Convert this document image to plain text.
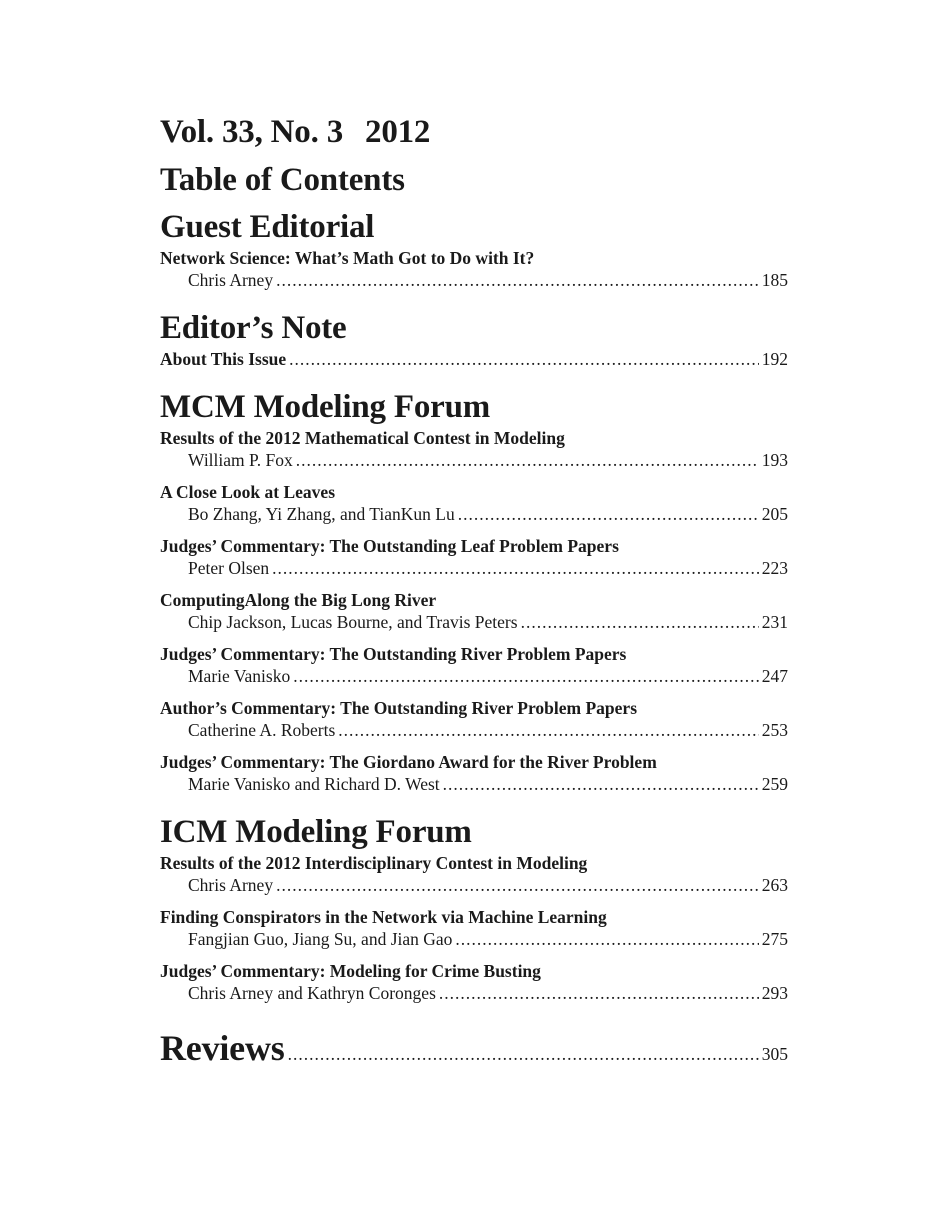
Vol. 33, No. 3 2012
Table of Contents
Guest Editorial
Network Science: What’s Math Got to Do with It?
Chris Arney .....	185
Editor’s Note
About This Issue .....	192
MCM Modeling Forum
Results of the 2012 Mathematical Contest in Modeling
William P. Fox .....	193
A Close Look at Leaves
Bo Zhang, Yi Zhang, and TianKun Lu .....	205
Judges’ Commentary: The Outstanding Leaf Problem Papers
Peter Olsen .....	223
ComputingAlong the Big Long River
Chip Jackson, Lucas Bourne, and Travis Peters .....	231
Judges’ Commentary: The Outstanding River Problem Papers
Marie Vanisko .....	247
Author’s Commentary: The Outstanding River Problem Papers
Catherine A. Roberts .....	253
Judges’ Commentary: The Giordano Award for the River Problem
Marie Vanisko and Richard D. West .....	259
ICM Modeling Forum
Results of the 2012 Interdisciplinary Contest in Modeling
Chris Arney .....	263
Finding Conspirators in the Network via Machine Learning
Fangjian Guo, Jiang Su, and Jian Gao .....	275
Judges’ Commentary: Modeling for Crime Busting
Chris Arney and Kathryn Coronges .....	293
Reviews .....	305
